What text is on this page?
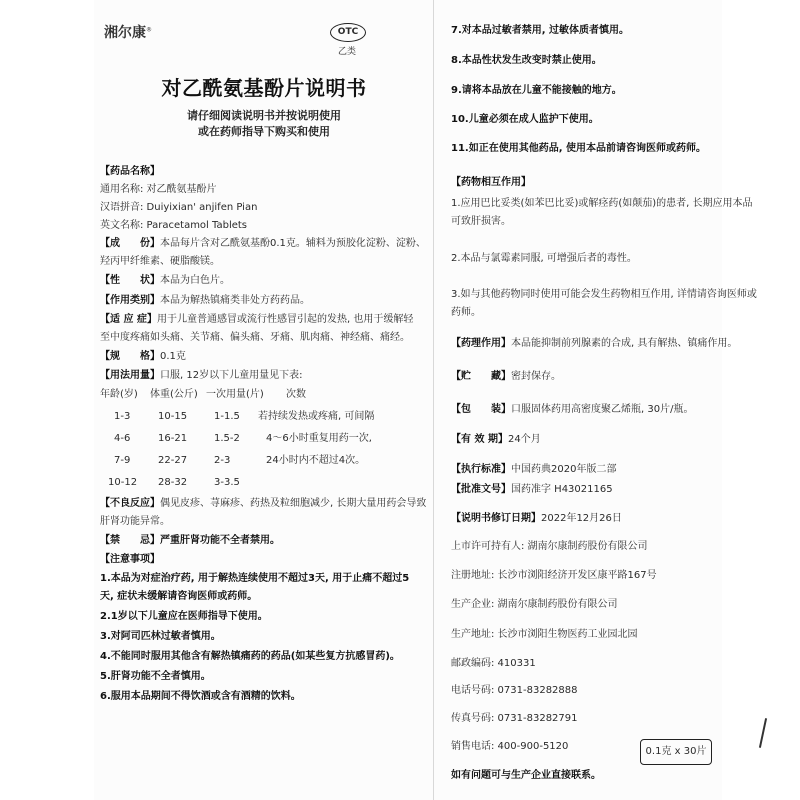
湘尔康®	OTC
乙类
对乙酰氨基酚片说明书
请仔细阅读说明书并按说明使用
或在药师指导下购买和使用
【药品名称】
通用名称: 对乙酰氨基酚片
汉语拼音: Duiyixian' anjifen Pian
英文名称: Paracetamol Tablets
【成　　份】本品每片含对乙酰氨基酚0.1克。辅料为预胶化淀粉、淀粉、
羟丙甲纤维素、硬脂酸镁。
【性　　状】本品为白色片。
【作用类别】本品为解热镇痛类非处方药药品。
【适 应 症】用于儿童普通感冒或流行性感冒引起的发热, 也用于缓解轻
至中度疼痛如头痛、关节痛、偏头痛、牙痛、肌肉痛、神经痛、痛经。
【规　　格】0.1克
【用法用量】口服, 12岁以下儿童用量见下表:
年龄(岁) 体重(公斤) 一次用量(片) 次数
1-3	10-15	1-1.5 若持续发热或疼痛, 可间隔
4-6	16-21	1.5-2	4～6小时重复用药一次,
7-9	22-27	2-3	24小时内不超过4次。
10-12 28-32	3-3.5
【不良反应】偶见皮疹、荨麻疹、药热及粒细胞减少, 长期大量用药会导致
肝肾功能异常。
【禁　　忌】严重肝肾功能不全者禁用。
【注意事项】
1.本品为对症治疗药, 用于解热连续使用不超过3天, 用于止痛不超过5
天, 症状未缓解请咨询医师或药师。
2.1岁以下儿童应在医师指导下使用。
3.对阿司匹林过敏者慎用。
4.不能同时服用其他含有解热镇痛药的药品(如某些复方抗感冒药)。
5.肝肾功能不全者慎用。
6.服用本品期间不得饮酒或含有酒精的饮料。
7.对本品过敏者禁用, 过敏体质者慎用。
8.本品性状发生改变时禁止使用。
9.请将本品放在儿童不能接触的地方。
10.儿童必须在成人监护下使用。
11.如正在使用其他药品, 使用本品前请咨询医师或药师。
【药物相互作用】
1.应用巴比妥类(如苯巴比妥)或解痉药(如颠茄)的患者, 长期应用本品
可致肝损害。
2.本品与氯霉素同服, 可增强后者的毒性。
3.如与其他药物同时使用可能会发生药物相互作用, 详情请咨询医师或
药师。
【药理作用】本品能抑制前列腺素的合成, 具有解热、镇痛作用。
【贮　　藏】密封保存。
【包　　装】口服固体药用高密度聚乙烯瓶, 30片/瓶。
【有 效 期】24个月
【执行标准】中国药典2020年版二部
【批准文号】国药准字 H43021165
【说明书修订日期】2022年12月26日
上市许可持有人: 湖南尔康制药股份有限公司
注册地址: 长沙市浏阳经济开发区康平路167号
生产企业: 湖南尔康制药股份有限公司
生产地址: 长沙市浏阳生物医药工业园北园
邮政编码: 410331
电话号码: 0731-83282888
传真号码: 0731-83282791
销售电话: 400-900-5120
如有问题可与生产企业直接联系。
0.1克 x 30片
